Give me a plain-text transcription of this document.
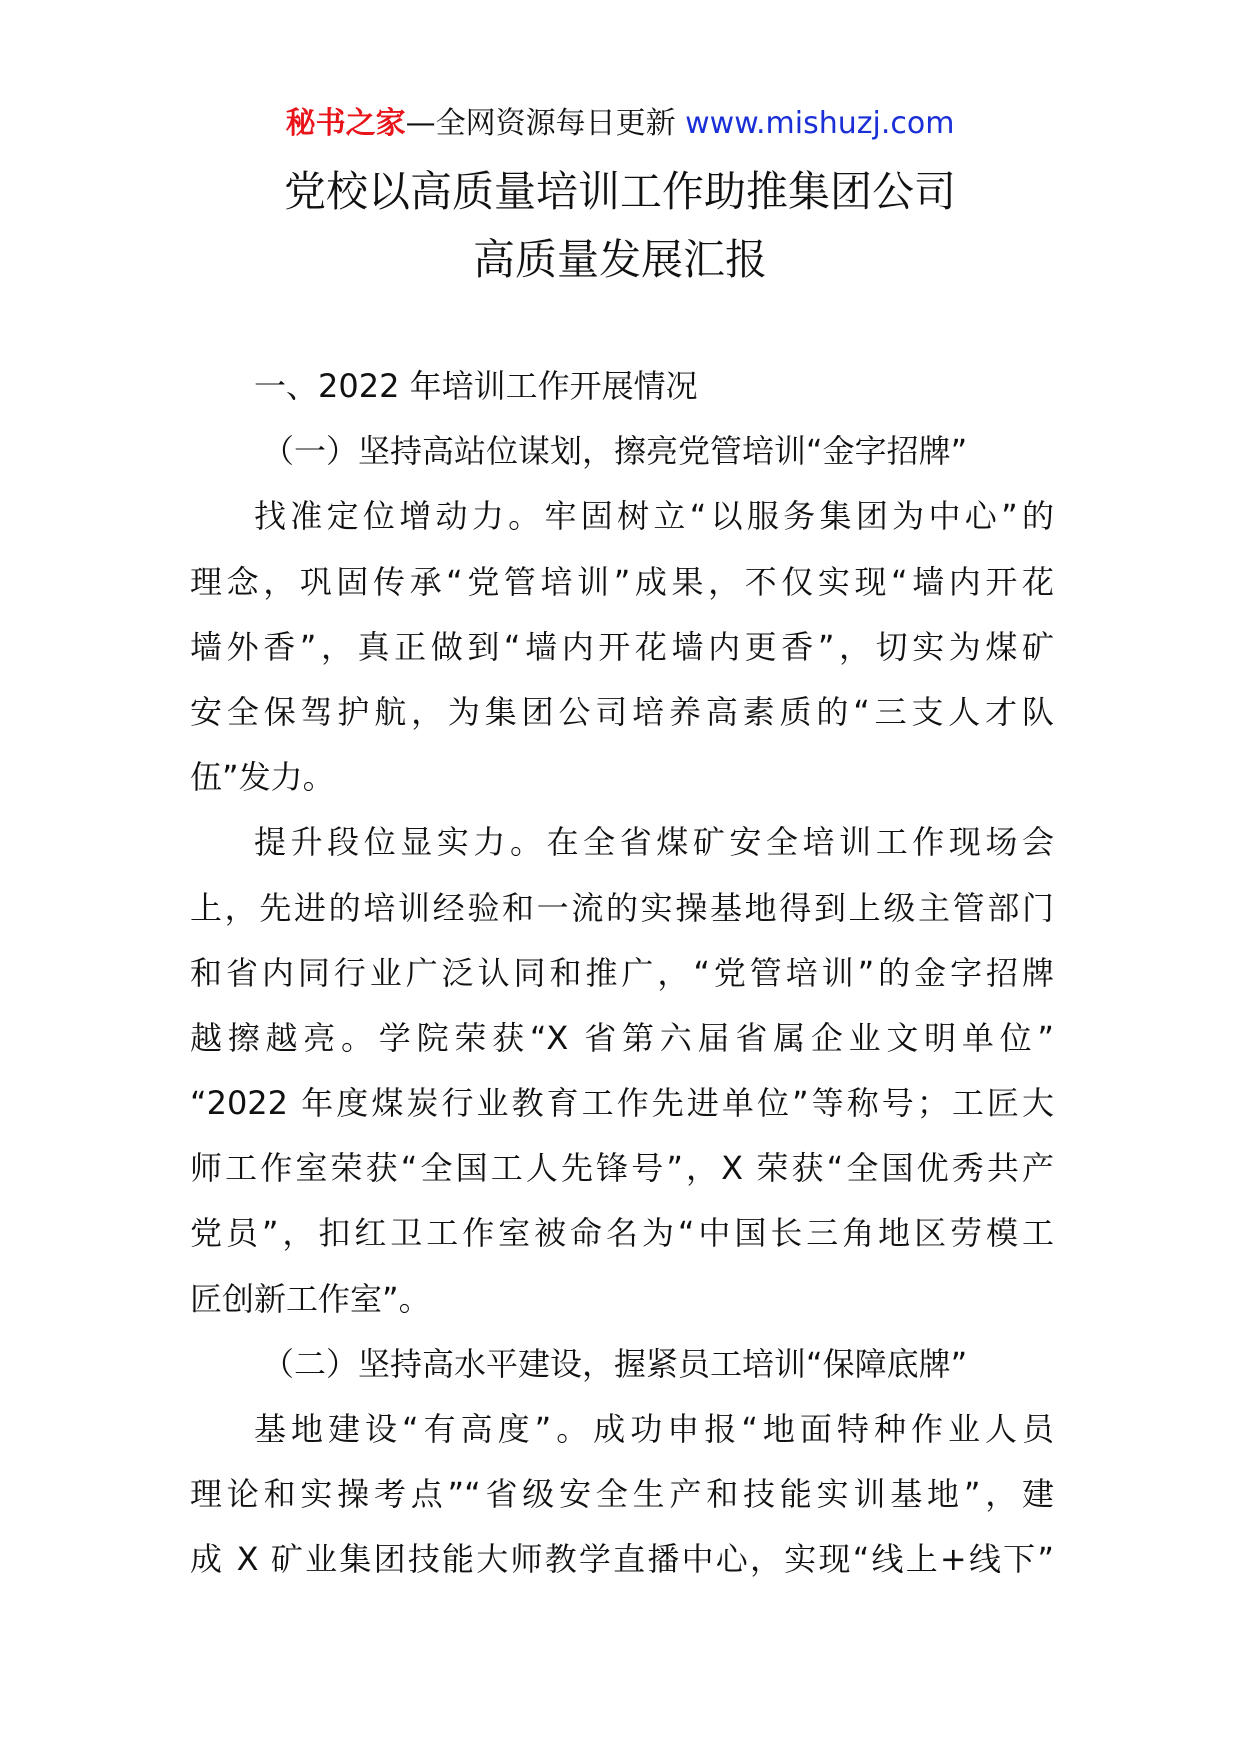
秘书之家—全网资源每日更新 www.mishuzj.com
党校以高质量培训工作助推集团公司
高质量发展汇报
一、2022 年培训工作开展情况
（一）坚持高站位谋划，擦亮党管培训“金字招牌”
找准定位增动力。牢固树立“以服务集团为中心”的
理念，巩固传承“党管培训”成果，不仅实现“墙内开花
墙外香”，真正做到“墙内开花墙内更香”，切实为煤矿
安全保驾护航，为集团公司培养高素质的“三支人才队
伍”发力。
提升段位显实力。在全省煤矿安全培训工作现场会
上，先进的培训经验和一流的实操基地得到上级主管部门
和省内同行业广泛认同和推广，“党管培训”的金字招牌
越擦越亮。学院荣获“X 省第六届省属企业文明单位”
“2022 年度煤炭行业教育工作先进单位”等称号；工匠大
师工作室荣获“全国工人先锋号”，X 荣获“全国优秀共产
党员”，扣红卫工作室被命名为“中国长三角地区劳模工
匠创新工作室”。
（二）坚持高水平建设，握紧员工培训“保障底牌”
基地建设“有高度”。成功申报“地面特种作业人员
理论和实操考点”“省级安全生产和技能实训基地”，建
成 X 矿业集团技能大师教学直播中心，实现“线上+线下”
